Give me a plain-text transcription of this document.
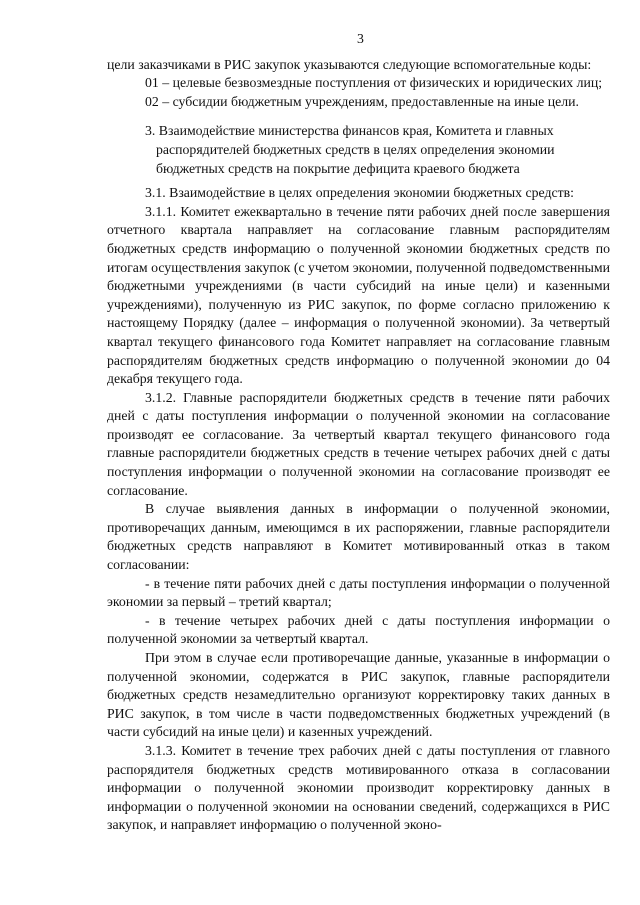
3

цели заказчиками в РИС закупок указываются следующие вспомогательные коды:

01 – целевые безвозмездные поступления от физических и юридических лиц;

02 – субсидии бюджетным учреждениям, предоставленные на иные цели.

3. Взаимодействие министерства финансов края, Комитета и главных
распорядителей бюджетных средств в целях определения экономии
бюджетных средств на покрытие дефицита краевого бюджета

3.1. Взаимодействие в целях определения экономии бюджетных средств:

3.1.1. Комитет ежеквартально в течение пяти рабочих дней после завершения отчетного квартала направляет на согласование главным распорядителям бюджетных средств информацию о полученной экономии бюджетных средств по итогам осуществления закупок (с учетом экономии, полученной подведомственными бюджетными учреждениями (в части субсидий на иные цели) и казенными учреждениями), полученную из РИС закупок, по форме согласно приложению к настоящему Порядку (далее – информация о полученной экономии). За четвертый квартал текущего финансового года Комитет направляет на согласование главным распорядителям бюджетных средств информацию о полученной экономии до 04 декабря текущего года.

3.1.2. Главные распорядители бюджетных средств в течение пяти рабочих дней с даты поступления информации о полученной экономии на согласование производят ее согласование. За четвертый квартал текущего финансового года главные распорядители бюджетных средств в течение четырех рабочих дней с даты поступления информации о полученной экономии на согласование производят ее согласование.

В случае выявления данных в информации о полученной экономии, противоречащих данным, имеющимся в их распоряжении, главные распорядители бюджетных средств направляют в Комитет мотивированный отказ в таком согласовании:

- в течение пяти рабочих дней с даты поступления информации о полученной экономии за первый – третий квартал;

- в течение четырех рабочих дней с даты поступления информации о полученной экономии за четвертый квартал.

При этом в случае если противоречащие данные, указанные в информации о полученной экономии, содержатся в РИС закупок, главные распорядители бюджетных средств незамедлительно организуют корректировку таких данных в РИС закупок, в том числе в части подведомственных бюджетных учреждений (в части субсидий на иные цели) и казенных учреждений.

3.1.3. Комитет в течение трех рабочих дней с даты поступления от главного распорядителя бюджетных средств мотивированного отказа в согласовании информации о полученной экономии производит корректировку данных в информации о полученной экономии на основании сведений, содержащихся в РИС закупок, и направляет информацию о полученной эконо-
